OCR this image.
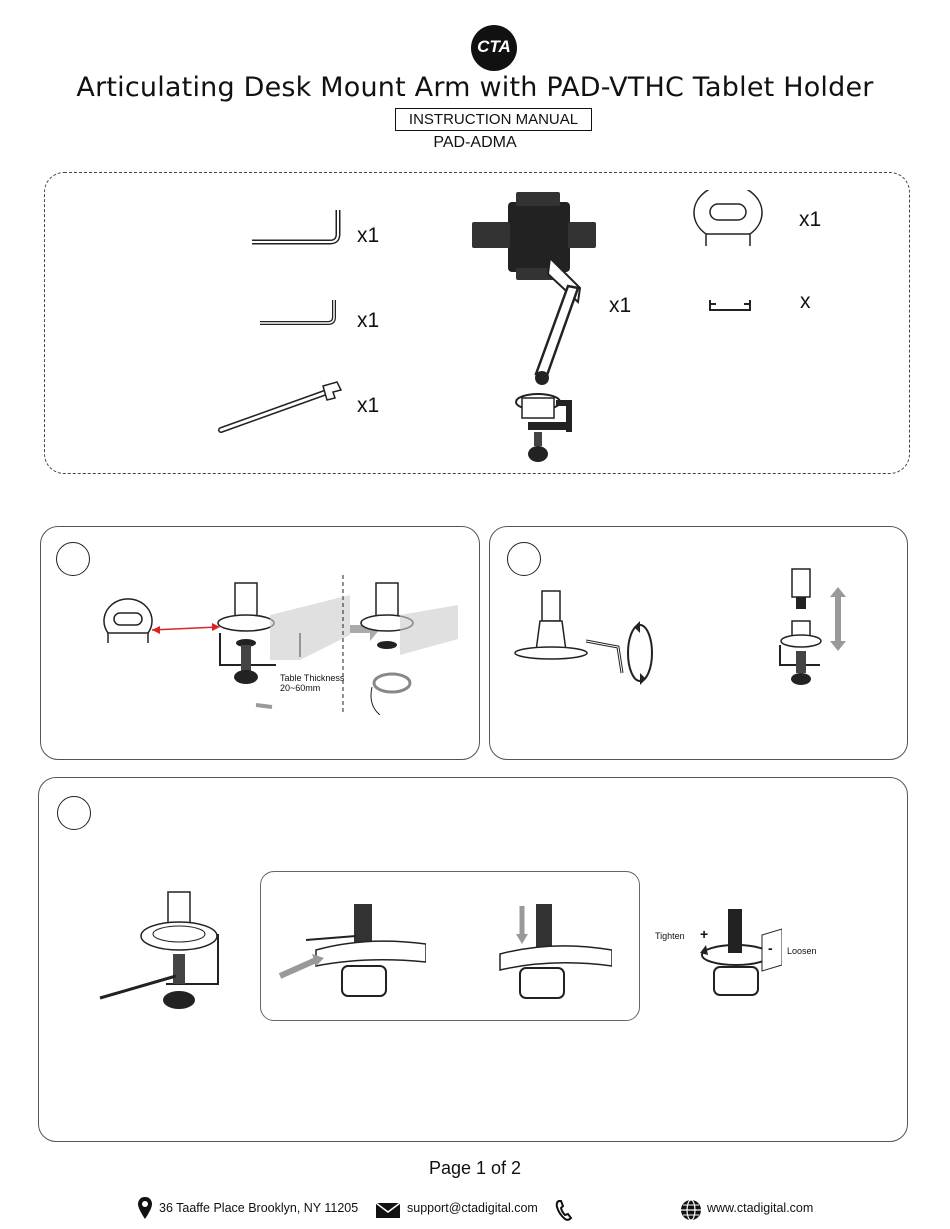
CTA
Articulating Desk Mount Arm with PAD-VTHC Tablet Holder
INSTRUCTION MANUAL
PAD-ADMA
x1
x1
x1
x1
x1
x
Table Thickness
20~60mm
Tighten +
- Loosen
Page 1 of 2
36 Taaffe Place Brooklyn, NY 11205	support@ctadigital.com	www.ctadigital.com
